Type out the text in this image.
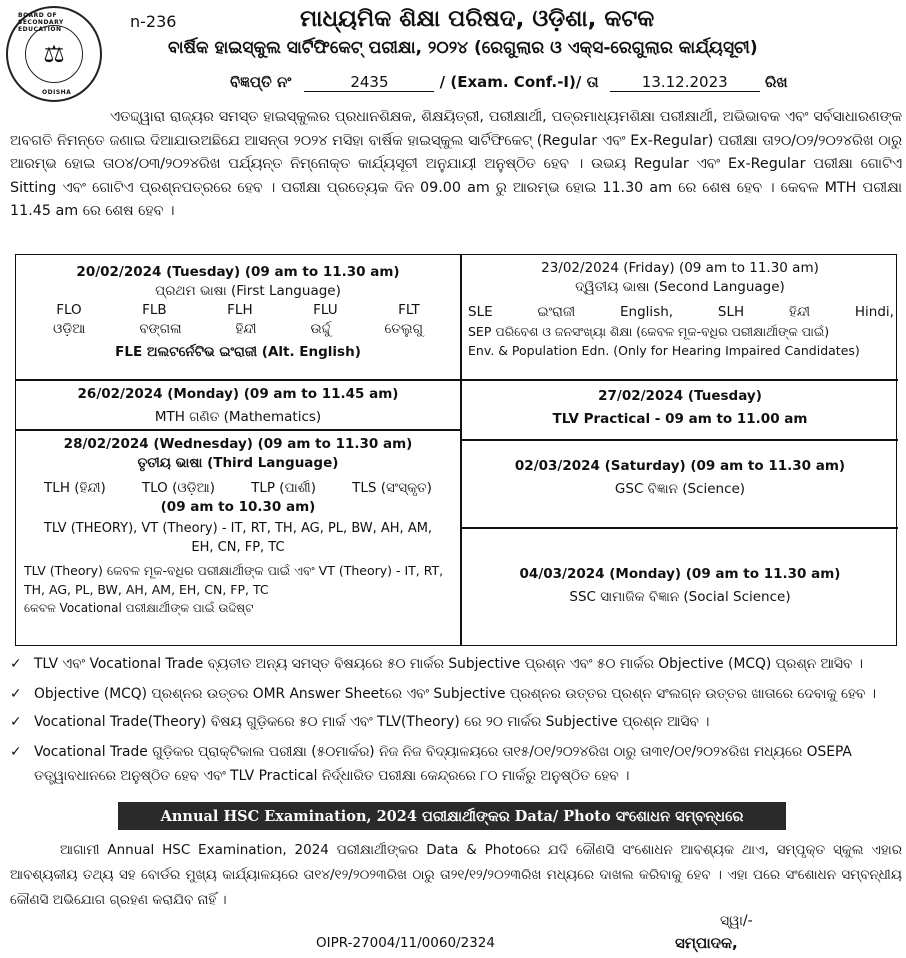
⚖
BOARD OF SECONDARY EDUCATION
ODISHA
n-236	ମାଧ୍ୟମିକ ଶିକ୍ଷା ପରିଷଦ, ଓଡ଼ିଶା, କଟକ
ବାର୍ଷିକ ହାଇସ୍କୁଲ ସାର୍ଟିଫିକେଟ୍ ପରୀକ୍ଷା, ୨୦୨୪ (ରେଗୁଲାର ଓ ଏକ୍ସ-ରେଗୁଲାର କାର୍ଯ୍ୟସୂଚୀ)
ବିଜ୍ଞପ୍ତି ନଂ	2435	/ (Exam. Conf.-I)/ ତା	13.12.2023 ରିଖ

ଏତଦ୍ଦ୍ୱାରା ରାଜ୍ୟର ସମସ୍ତ ହାଇସ୍କୁଲର ପ୍ରଧାନଶିକ୍ଷକ, ଶିକ୍ଷୟିତ୍ରୀ, ପରୀକ୍ଷାର୍ଥୀ, ପତ୍ରମାଧ୍ୟମଶିକ୍ଷା ପରୀକ୍ଷାର୍ଥୀ, ଅଭିଭାବକ ଏବଂ ସର୍ବସାଧାରଣଙ୍କ ଅବଗତି ନିମନ୍ତେ ଜଣାଇ ଦିଆଯାଉଅଛିଯେ ଆସନ୍ତା ୨୦୨୪ ମସିହା ବାର୍ଷିକ ହାଇସ୍କୁଲ ସାର୍ଟିଫିକେଟ୍ (Regular ଏବଂ Ex-Regular) ପରୀକ୍ଷା ତା୨୦/୦୨/୨୦୨୪ରିଖ ଠାରୁ ଆରମ୍ଭ ହୋଇ ତା୦୪/୦୩/୨୦୨୪ରିଖ ପର୍ଯ୍ୟନ୍ତ ନିମ୍ନୋକ୍ତ କାର୍ଯ୍ୟସୂଚୀ ଅନୁଯାୟୀ ଅନୁଷ୍ଠିତ ହେବ । ଉଭୟ Regular ଏବଂ Ex-Regular ପରୀକ୍ଷା ଗୋଟିଏ Sitting ଏବଂ ଗୋଟିଏ ପ୍ରଶ୍ନପତ୍ରରେ ହେବ । ପରୀକ୍ଷା ପ୍ରତ୍ୟେକ ଦିନ 09.00 am ରୁ ଆରମ୍ଭ ହୋଇ 11.30 am ରେ ଶେଷ ହେବ । କେବଳ MTH ପରୀକ୍ଷା 11.45 am ରେ ଶେଷ ହେବ ।

20/02/2024 (Tuesday) (09 am to 11.30 am)
ପ୍ରଥମ ଭାଷା (First Language)
FLO	FLB	FLH	FLU	FLT
ଓଡ଼ିଆ	ବଙ୍ଗଳା	ହିନ୍ଦୀ	ଉର୍ଦ୍ଦୁ	ତେଲୁଗୁ
FLE ଅଲଟର୍ନେଟିଭ ଇଂରାଜୀ (Alt. English)
23/02/2024 (Friday) (09 am to 11.30 am)
ଦ୍ୱିତୀୟ ଭାଷା (Second Language)
SLE	ଇଂରାଜୀ	English,	SLH	ହିନ୍ଦୀ	Hindi,
SEP ପରିବେଶ ଓ ଜନସଂଖ୍ୟା ଶିକ୍ଷା (କେବଳ ମୂକ-ବଧିର ପରୀକ୍ଷାର୍ଥୀଙ୍କ ପାଇଁ)
Env. & Population Edn. (Only for Hearing Impaired Candidates)
26/02/2024 (Monday) (09 am to 11.45 am)
MTH ଗଣିତ (Mathematics)
27/02/2024 (Tuesday)
TLV Practical - 09 am to 11.00 am
28/02/2024 (Wednesday) (09 am to 11.30 am)
ତୃତୀୟ ଭାଷା (Third Language)
TLH (ହିନ୍ଦୀ)	TLO (ଓଡ଼ିଆ)	TLP (ପାର୍ଶୀ)	TLS (ସଂସ୍କୃତ)
(09 am to 10.30 am)
TLV (THEORY), VT (Theory) - IT, RT, TH, AG, PL, BW, AH, AM, EH, CN, FP, TC
TLV (Theory) କେବଳ ମୂକ-ବଧିର ପରୀକ୍ଷାର୍ଥୀଙ୍କ ପାଇଁ ଏବଂ VT (Theory) - IT, RT, TH, AG, PL, BW, AH, AM, EH, CN, FP, TC
କେବଳ Vocational ପରୀକ୍ଷାର୍ଥୀଙ୍କ ପାଇଁ ଉଦ୍ଦିଷ୍ଟ
02/03/2024 (Saturday) (09 am to 11.30 am)
GSC ବିଜ୍ଞାନ (Science)
04/03/2024 (Monday) (09 am to 11.30 am)
SSC ସାମାଜିକ ବିଜ୍ଞାନ (Social Science)
✓ TLV ଏବଂ Vocational Trade ବ୍ୟତୀତ ଅନ୍ୟ ସମସ୍ତ ବିଷୟରେ ୫୦ ମାର୍କର Subjective ପ୍ରଶ୍ନ ଏବଂ ୫୦ ମାର୍କର Objective (MCQ) ପ୍ରଶ୍ନ ଆସିବ ।
✓ Objective (MCQ) ପ୍ରଶ୍ନର ଉତ୍ତର OMR Answer Sheetରେ ଏବଂ Subjective ପ୍ରଶ୍ନର ଉତ୍ତର ପ୍ରଶ୍ନ ସଂଲଗ୍ନ ଉତ୍ତର ଖାତାରେ ଦେବାକୁ ହେବ ।
✓ Vocational Trade(Theory) ବିଷୟ ଗୁଡ଼ିକରେ ୫୦ ମାର୍କ ଏବଂ TLV(Theory) ରେ ୨୦ ମାର୍କର Subjective ପ୍ରଶ୍ନ ଆସିବ ।
✓ Vocational Trade ଗୁଡ଼ିକର ପ୍ରାକ୍ଟିକାଲ ପରୀକ୍ଷା (୫୦ମାର୍କର) ନିଜ ନିଜ ବିଦ୍ୟାଳୟରେ ତା୧୫/୦୧/୨୦୨୪ରିଖ ଠାରୁ ତା୩୧/୦୧/୨୦୨୪ରିଖ ମଧ୍ୟରେ OSEPA ତତ୍ତ୍ୱାବଧାନରେ ଅନୁଷ୍ଠିତ ହେବ ଏବଂ TLV Practical ନିର୍ଦ୍ଧାରିତ ପରୀକ୍ଷା କେନ୍ଦ୍ରରେ ୮୦ ମାର୍କରୁ ଅନୁଷ୍ଠିତ ହେବ ।
Annual HSC Examination, 2024 ପରୀକ୍ଷାର୍ଥୀଙ୍କର Data/ Photo ସଂଶୋଧନ ସମ୍ବନ୍ଧରେ

ଆଗାମୀ Annual HSC Examination, 2024 ପରୀକ୍ଷାର୍ଥୀଙ୍କର Data & Photoରେ ଯଦି କୌଣସି ସଂଶୋଧନ ଆବଶ୍ୟକ ଥାଏ, ସମ୍ପୃକ୍ତ ସ୍କୁଲ ଏହାର ଆବଶ୍ୟକୀୟ ତଥ୍ୟ ସହ ବୋର୍ଡର ମୁଖ୍ୟ କାର୍ଯ୍ୟାଳୟରେ ତା୧୪/୧୨/୨୦୨୩ରିଖ ଠାରୁ ତା୨୧/୧୨/୨୦୨୩ରିଖ ମଧ୍ୟରେ ଦାଖଲ କରିବାକୁ ହେବ । ଏହା ପରେ ସଂଶୋଧନ ସମ୍ବନ୍ଧୀୟ କୌଣସି ଅଭିଯୋଗ ଗ୍ରହଣ କରାଯିବ ନାହିଁ ।

ସ୍ୱା/-
OIPR-27004/11/0060/2324	ସମ୍ପାଦକ,
